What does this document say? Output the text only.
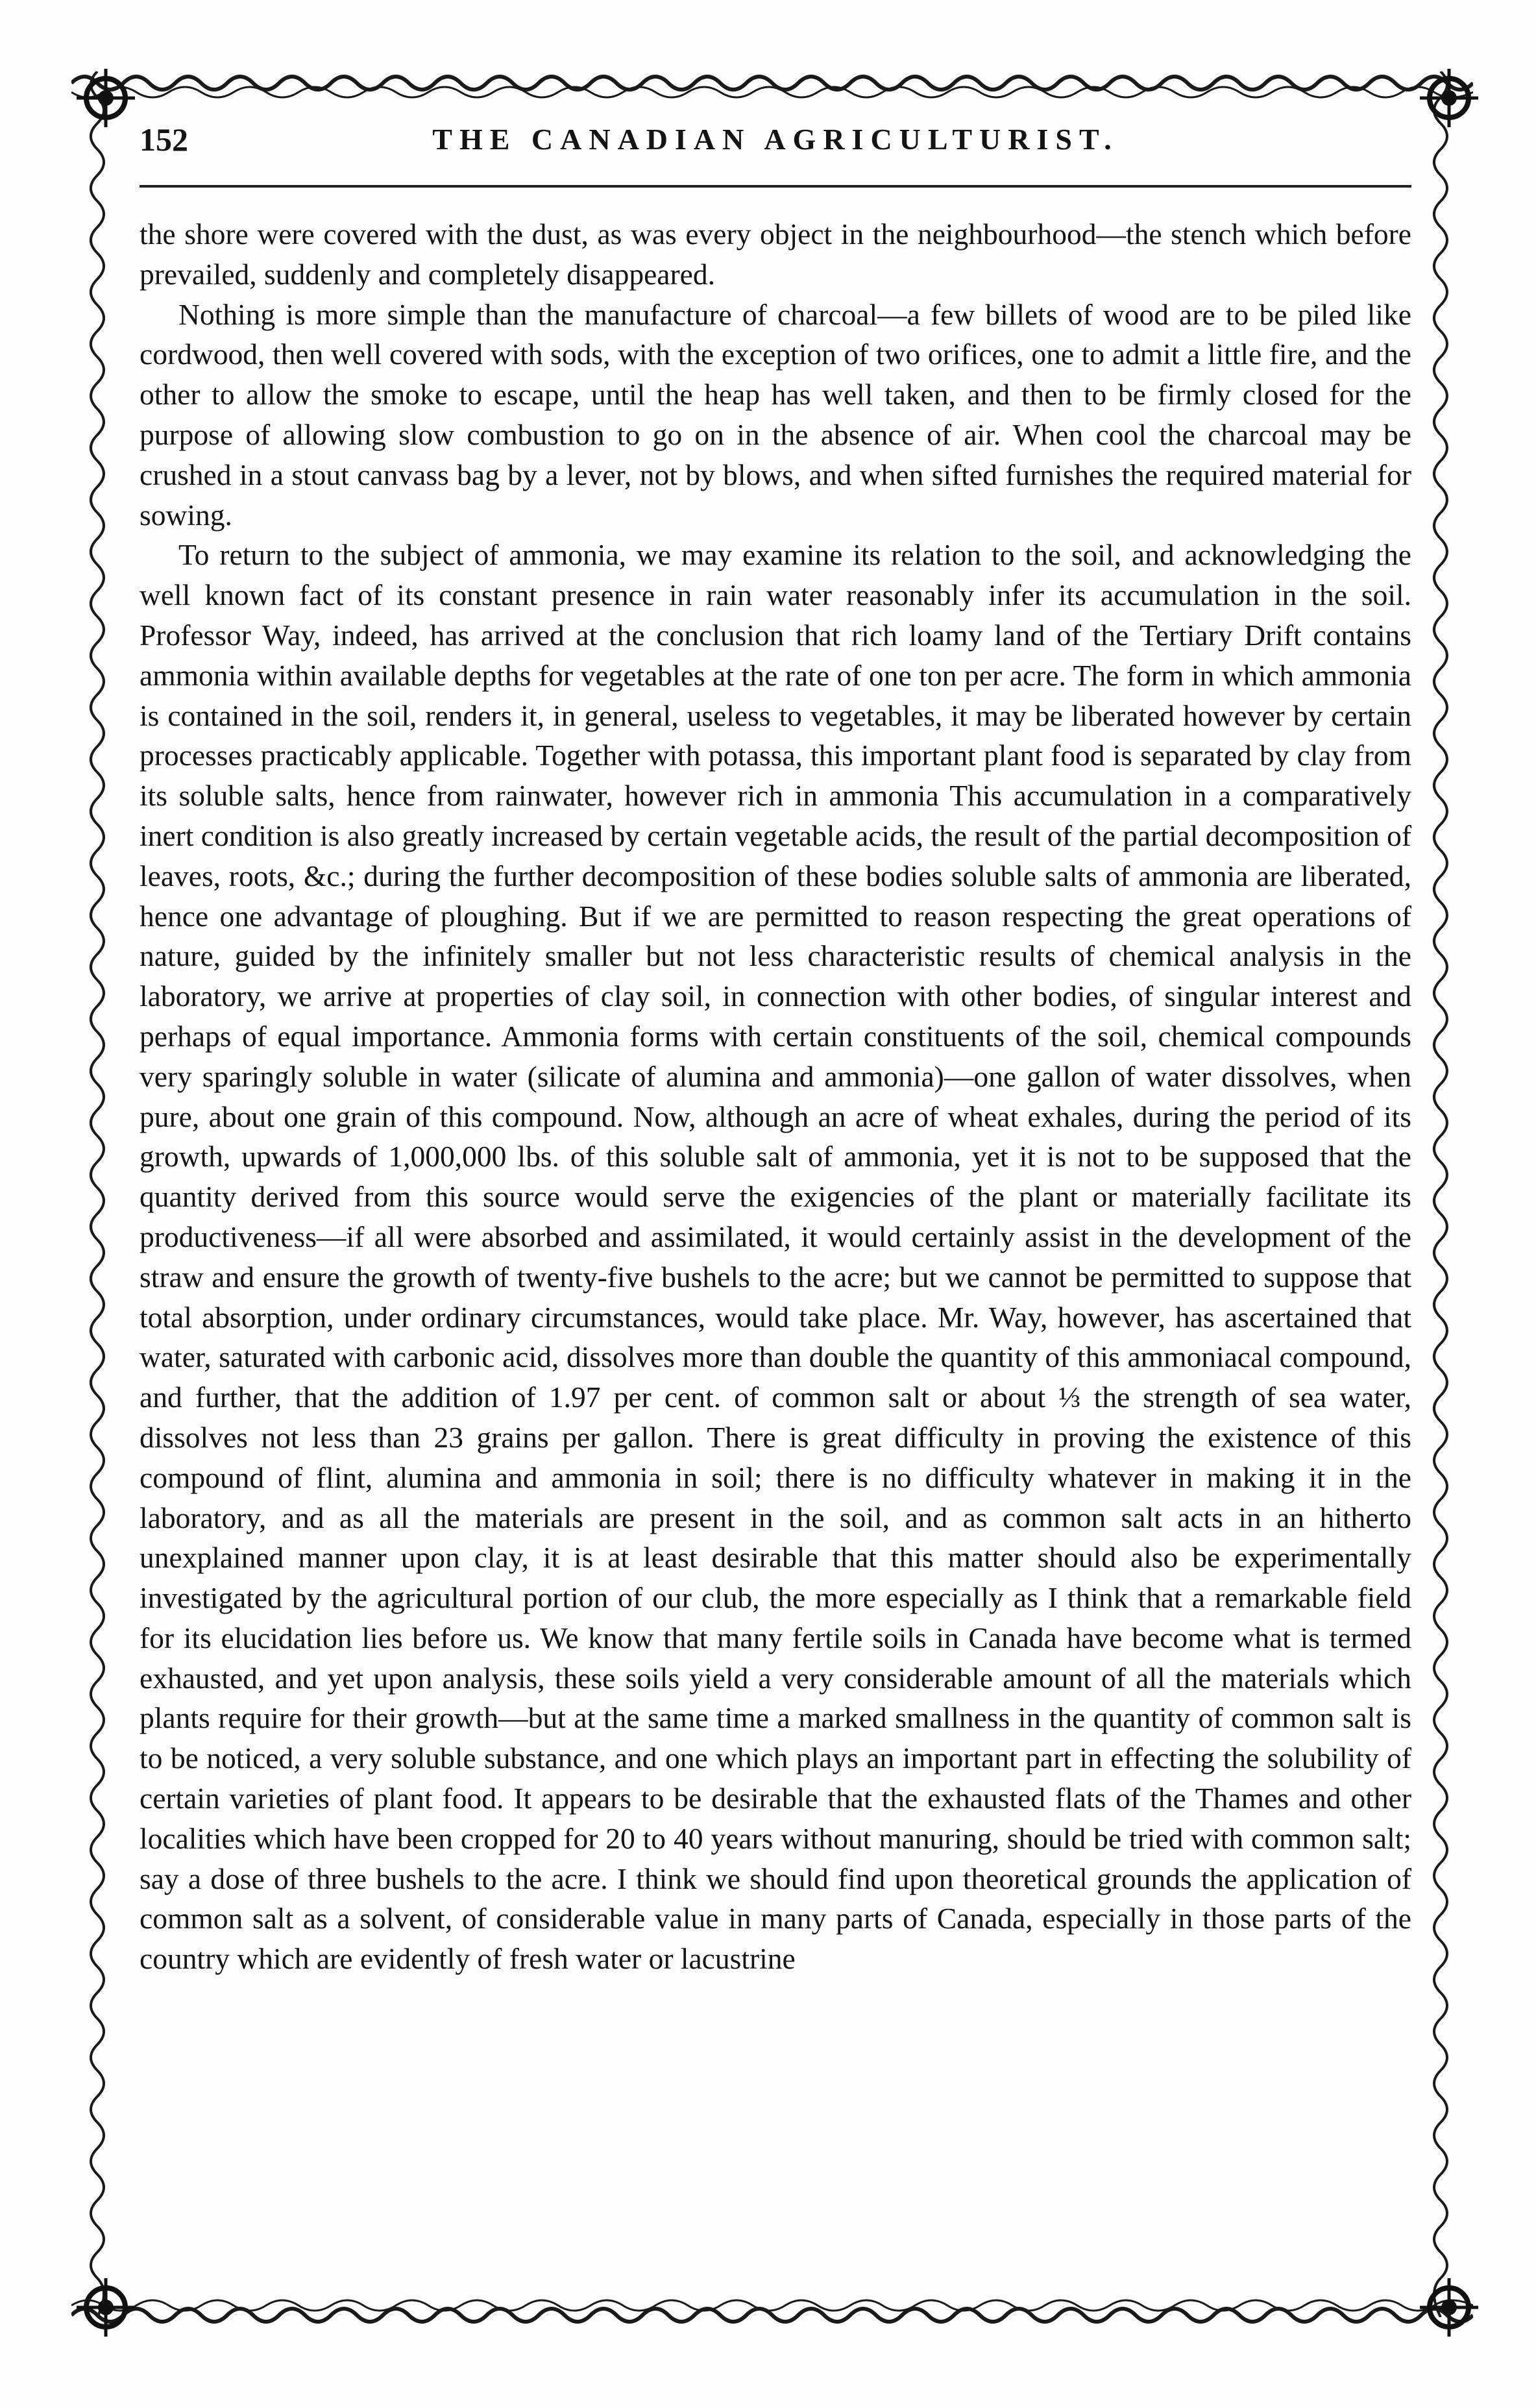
152	THE CANADIAN AGRICULTURIST.

the shore were covered with the dust, as was every object in the neighbourhood—the stench which before prevailed, suddenly and completely disappeared.

Nothing is more simple than the manufacture of charcoal—a few billets of wood are to be piled like cordwood, then well covered with sods, with the exception of two orifices, one to admit a little fire, and the other to allow the smoke to escape, until the heap has well taken, and then to be firmly closed for the purpose of allowing slow combustion to go on in the absence of air. When cool the charcoal may be crushed in a stout canvass bag by a lever, not by blows, and when sifted furnishes the required material for sowing.

To return to the subject of ammonia, we may examine its relation to the soil, and acknowledging the well known fact of its constant presence in rain water reasonably infer its accumulation in the soil. Professor Way, indeed, has arrived at the conclusion that rich loamy land of the Tertiary Drift contains ammonia within available depths for vegetables at the rate of one ton per acre. The form in which ammonia is contained in the soil, renders it, in general, useless to vegetables, it may be liberated however by certain processes practicably applicable. Together with potassa, this important plant food is separated by clay from its soluble salts, hence from rainwater, however rich in ammonia This accumulation in a comparatively inert condition is also greatly increased by certain vegetable acids, the result of the partial decomposition of leaves, roots, &c.; during the further decomposition of these bodies soluble salts of ammonia are liberated, hence one advantage of ploughing. But if we are permitted to reason respecting the great operations of nature, guided by the infinitely smaller but not less characteristic results of chemical analysis in the laboratory, we arrive at properties of clay soil, in connection with other bodies, of singular interest and perhaps of equal importance. Ammonia forms with certain constituents of the soil, chemical compounds very sparingly soluble in water (silicate of alumina and ammonia)—one gallon of water dissolves, when pure, about one grain of this compound. Now, although an acre of wheat exhales, during the period of its growth, upwards of 1,000,000 lbs. of this soluble salt of ammonia, yet it is not to be supposed that the quantity derived from this source would serve the exigencies of the plant or materially facilitate its productiveness—if all were absorbed and assimilated, it would certainly assist in the development of the straw and ensure the growth of twenty-five bushels to the acre; but we cannot be permitted to suppose that total absorption, under ordinary circumstances, would take place. Mr. Way, however, has ascertained that water, saturated with carbonic acid, dissolves more than double the quantity of this ammoniacal compound, and further, that the addition of 1.97 per cent. of common salt or about ⅓ the strength of sea water, dissolves not less than 23 grains per gallon. There is great difficulty in proving the existence of this compound of flint, alumina and ammonia in soil; there is no difficulty whatever in making it in the laboratory, and as all the materials are present in the soil, and as common salt acts in an hitherto unexplained manner upon clay, it is at least desirable that this matter should also be experimentally investigated by the agricultural portion of our club, the more especially as I think that a remarkable field for its elucidation lies before us. We know that many fertile soils in Canada have become what is termed exhausted, and yet upon analysis, these soils yield a very considerable amount of all the materials which plants require for their growth—but at the same time a marked smallness in the quantity of common salt is to be noticed, a very soluble substance, and one which plays an important part in effecting the solubility of certain varieties of plant food. It appears to be desirable that the exhausted flats of the Thames and other localities which have been cropped for 20 to 40 years without manuring, should be tried with common salt; say a dose of three bushels to the acre. I think we should find upon theoretical grounds the application of common salt as a solvent, of considerable value in many parts of Canada, especially in those parts of the country which are evidently of fresh water or lacustrine
